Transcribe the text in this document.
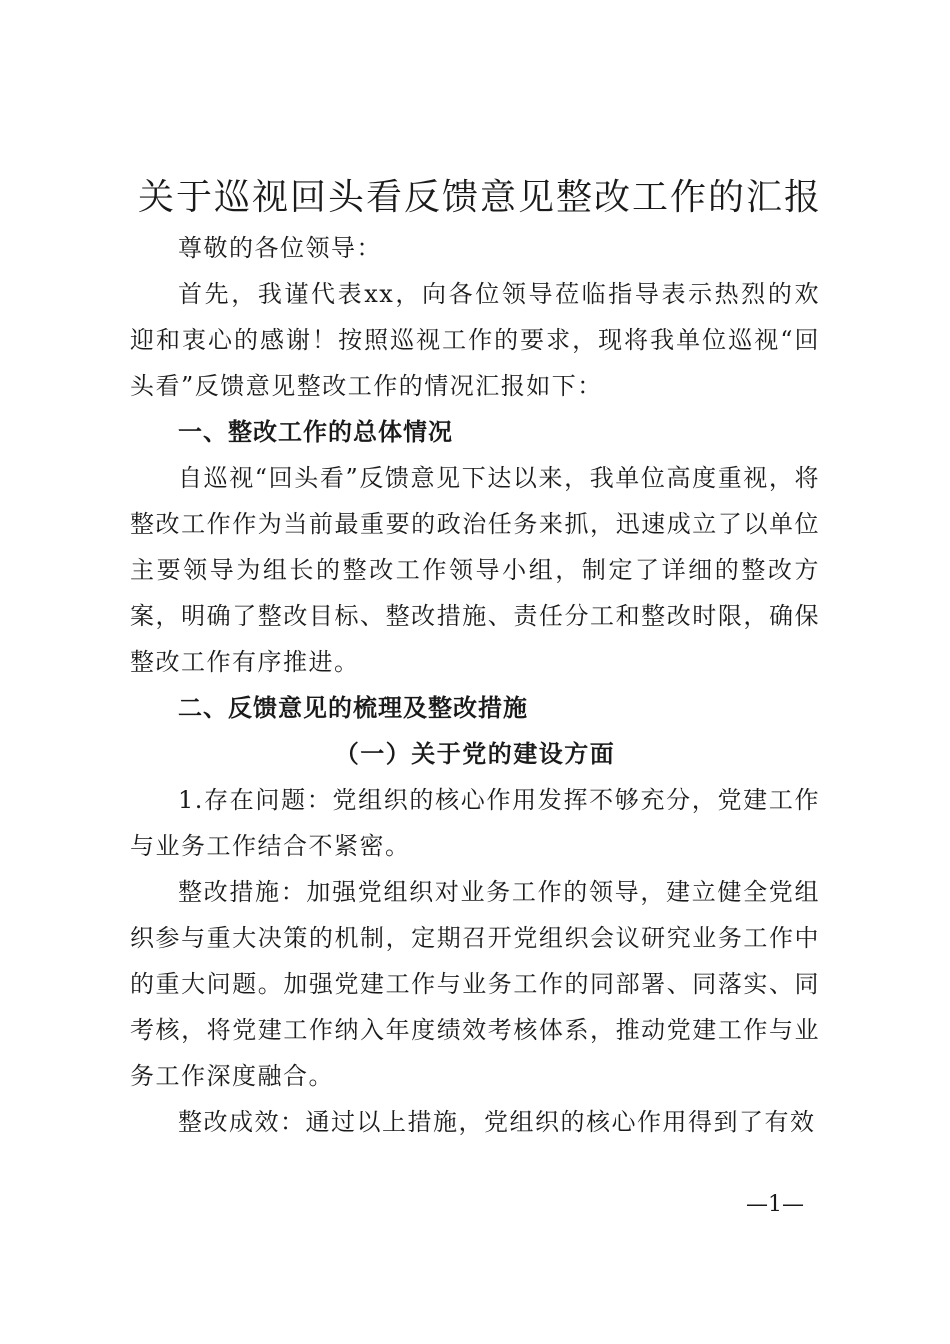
关于巡视回头看反馈意见整改工作的汇报

尊敬的各位领导：

首先，我谨代表xx，向各位领导莅临指导表示热烈的欢迎和衷心的感谢！按照巡视工作的要求，现将我单位巡视“回头看”反馈意见整改工作的情况汇报如下：

一、整改工作的总体情况

自巡视“回头看”反馈意见下达以来，我单位高度重视，将整改工作作为当前最重要的政治任务来抓，迅速成立了以单位主要领导为组长的整改工作领导小组，制定了详细的整改方案，明确了整改目标、整改措施、责任分工和整改时限，确保整改工作有序推进。

二、反馈意见的梳理及整改措施
（一）关于党的建设方面

1.存在问题：党组织的核心作用发挥不够充分，党建工作与业务工作结合不紧密。

整改措施：加强党组织对业务工作的领导，建立健全党组织参与重大决策的机制，定期召开党组织会议研究业务工作中的重大问题。加强党建工作与业务工作的同部署、同落实、同考核，将党建工作纳入年度绩效考核体系，推动党建工作与业务工作深度融合。

整改成效：通过以上措施，党组织的核心作用得到了有效

—1—
